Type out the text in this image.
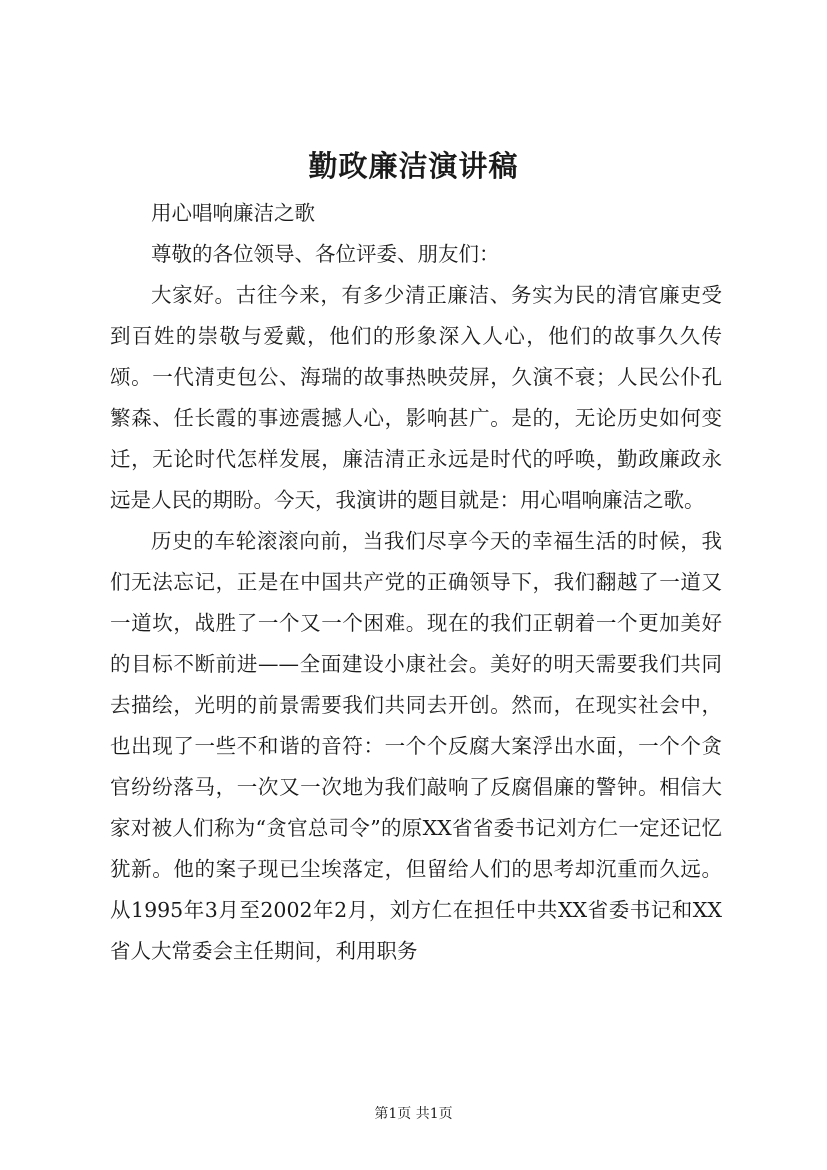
勤政廉洁演讲稿

用心唱响廉洁之歌

尊敬的各位领导、各位评委、朋友们：

大家好。古往今来，有多少清正廉洁、务实为民的清官廉吏受到百姓的崇敬与爱戴，他们的形象深入人心，他们的故事久久传颂。一代清吏包公、海瑞的故事热映荧屏，久演不衰；人民公仆孔繁森、任长霞的事迹震撼人心，影响甚广。是的，无论历史如何变迁，无论时代怎样发展，廉洁清正永远是时代的呼唤，勤政廉政永远是人民的期盼。今天，我演讲的题目就是：用心唱响廉洁之歌。

历史的车轮滚滚向前，当我们尽享今天的幸福生活的时候，我们无法忘记，正是在中国共产党的正确领导下，我们翻越了一道又一道坎，战胜了一个又一个困难。现在的我们正朝着一个更加美好的目标不断前进——全面建设小康社会。美好的明天需要我们共同去描绘，光明的前景需要我们共同去开创。然而，在现实社会中，也出现了一些不和谐的音符：一个个反腐大案浮出水面，一个个贪官纷纷落马，一次又一次地为我们敲响了反腐倡廉的警钟。相信大家对被人们称为“贪官总司令”的原XX省省委书记刘方仁一定还记忆犹新。他的案子现已尘埃落定，但留给人们的思考却沉重而久远。从1995年3月至2002年2月，刘方仁在担任中共XX省委书记和XX省人大常委会主任期间，利用职务

第1页 共1页
